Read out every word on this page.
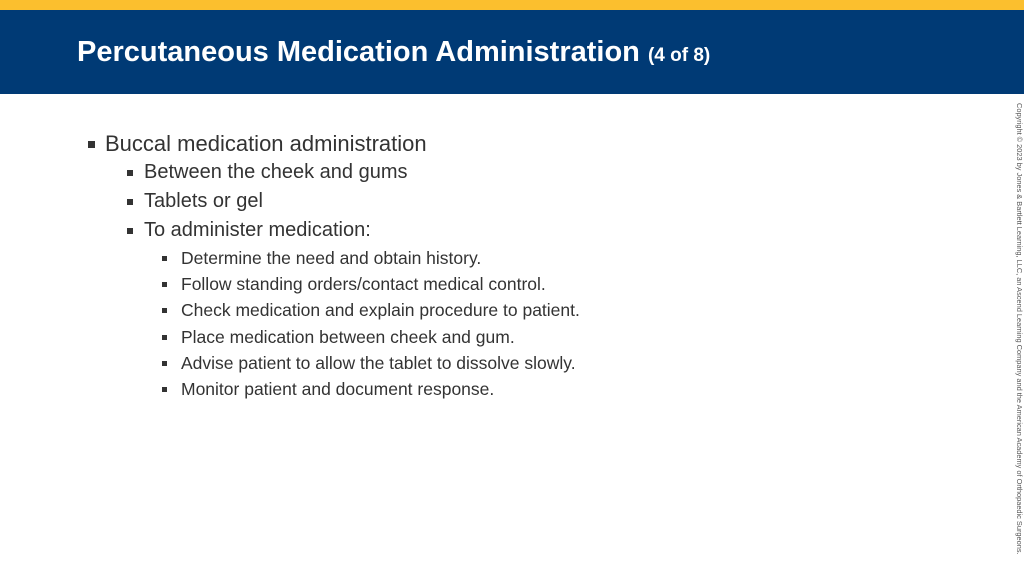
Percutaneous Medication Administration (4 of 8)
Buccal medication administration
Between the cheek and gums
Tablets or gel
To administer medication:
Determine the need and obtain history.
Follow standing orders/contact medical control.
Check medication and explain procedure to patient.
Place medication between cheek and gum.
Advise patient to allow the tablet to dissolve slowly.
Monitor patient and document response.	Copyright © 2023 by Jones & Bartlett Learning, LLC, an Ascend Learning Company and the American Academy of Orthopaedic Surgeons.
